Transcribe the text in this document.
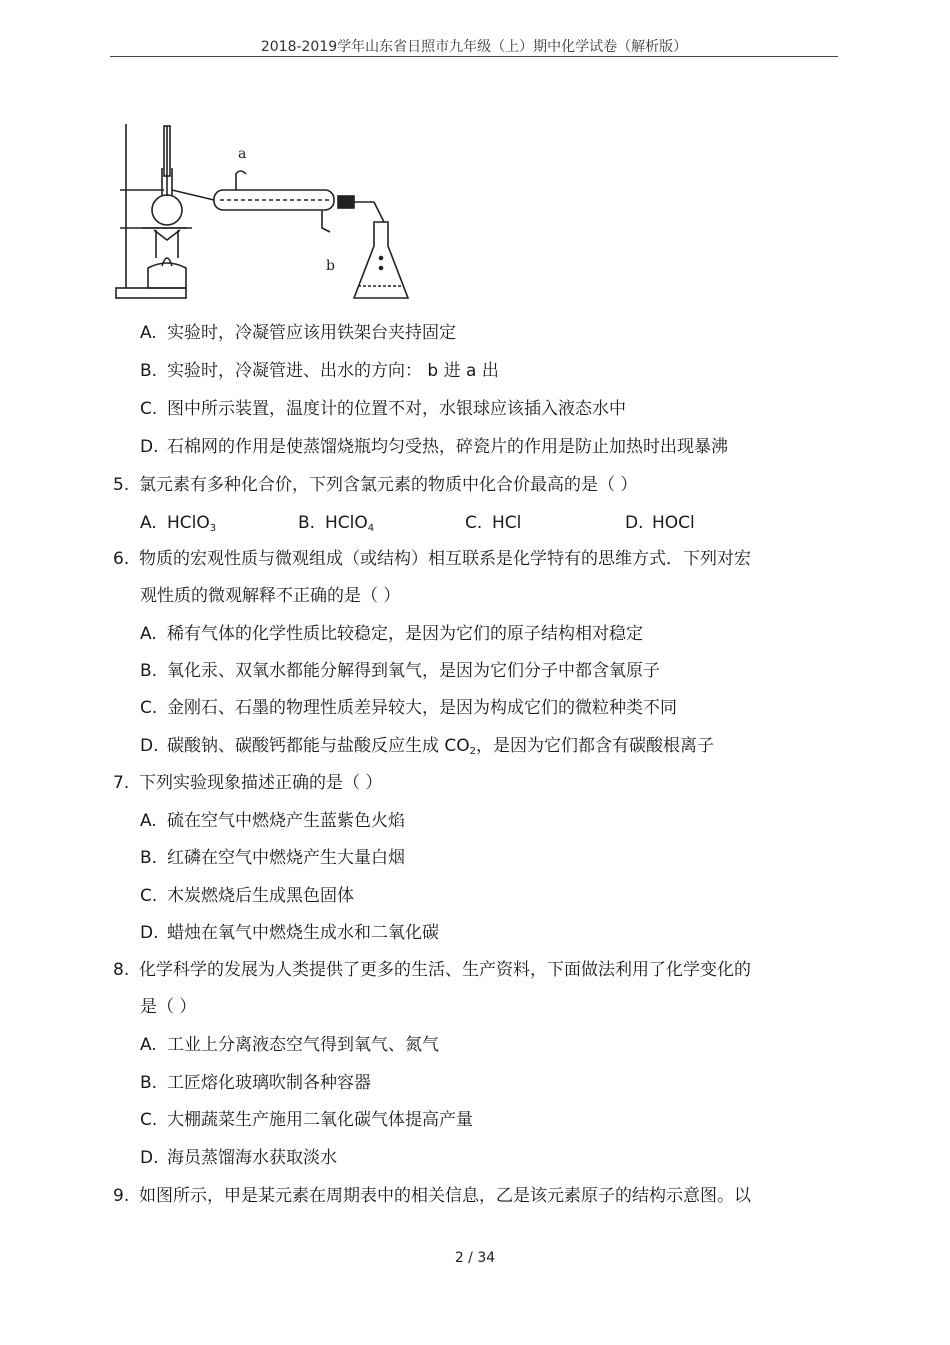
2018-2019学年山东省日照市九年级（上）期中化学试卷（解析版）
a
b
A. 实验时，冷凝管应该用铁架台夹持固定
B. 实验时，冷凝管进、出水的方向： b 进 a 出
C. 图中所示装置，温度计的位置不对，水银球应该插入液态水中
D. 石棉网的作用是使蒸馏烧瓶均匀受热，碎瓷片的作用是防止加热时出现暴沸
5. 氯元素有多种化合价，下列含氯元素的物质中化合价最高的是（ ）
A. HClO$_3$	B. HClO$_4$	C. HCl	D. HOCl
6. 物质的宏观性质与微观组成（或结构）相互联系是化学特有的思维方式．下列对宏
观性质的微观解释不正确的是（ ）
A. 稀有气体的化学性质比较稳定，是因为它们的原子结构相对稳定
B. 氧化汞、双氧水都能分解得到氧气，是因为它们分子中都含氧原子
C. 金刚石、石墨的物理性质差异较大，是因为构成它们的微粒种类不同
D. 碳酸钠、碳酸钙都能与盐酸反应生成 $CO_2$，是因为它们都含有碳酸根离子
7. 下列实验现象描述正确的是（ ）
A. 硫在空气中燃烧产生蓝紫色火焰
B. 红磷在空气中燃烧产生大量白烟
C. 木炭燃烧后生成黑色固体
D. 蜡烛在氧气中燃烧生成水和二氧化碳
8. 化学科学的发展为人类提供了更多的生活、生产资料，下面做法利用了化学变化的
是（ ）
A. 工业上分离液态空气得到氧气、氮气
B. 工匠熔化玻璃吹制各种容器
C. 大棚蔬菜生产施用二氧化碳气体提高产量
D. 海员蒸馏海水获取淡水
9. 如图所示，甲是某元素在周期表中的相关信息，乙是该元素原子的结构示意图。以
2 / 34
